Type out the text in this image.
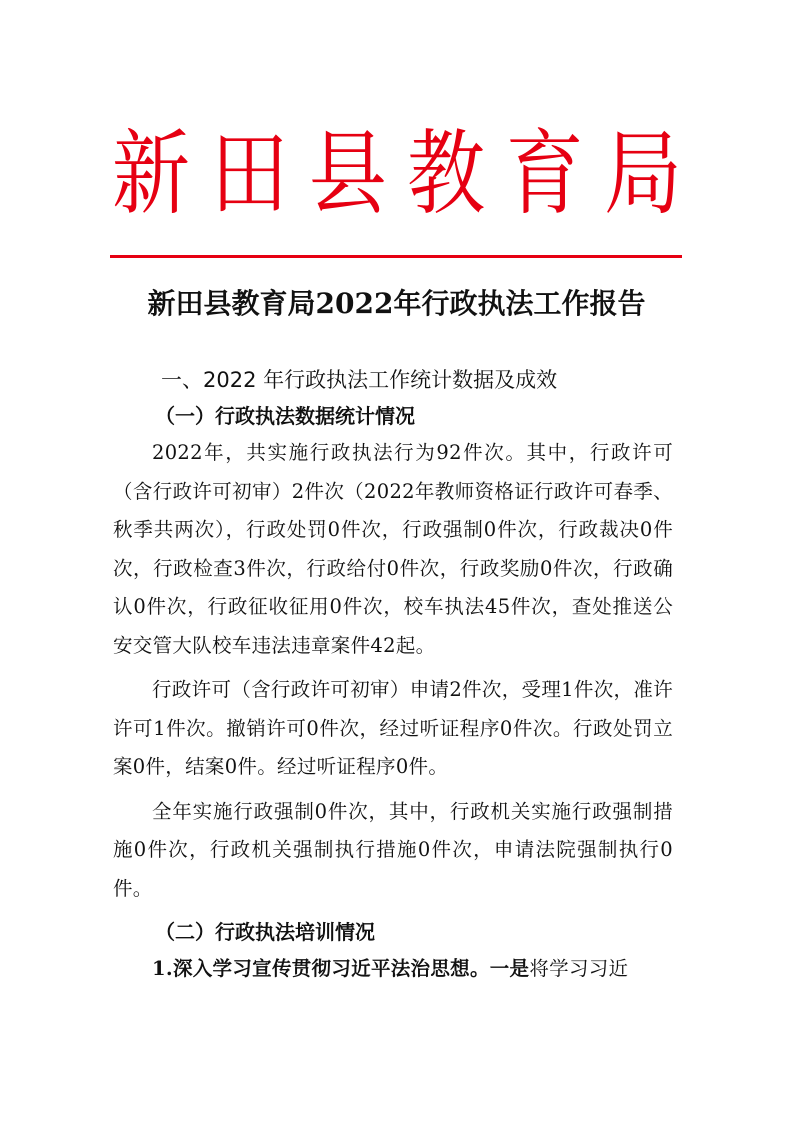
新 田 县 教 育 局
新田县教育局2022年行政执法工作报告
一、2022 年行政执法工作统计数据及成效
（一）行政执法数据统计情况

2022年，共实施行政执法行为92件次。其中，行政许可（含行政许可初审）2件次（2022年教师资格证行政许可春季、秋季共两次），行政处罚0件次，行政强制0件次，行政裁决0件次，行政检查3件次，行政给付0件次，行政奖励0件次，行政确认0件次，行政征收征用0件次，校车执法45件次，查处推送公安交管大队校车违法违章案件42起。

行政许可（含行政许可初审）申请2件次，受理1件次，准许许可1件次。撤销许可0件次，经过听证程序0件次。行政处罚立案0件，结案0件。经过听证程序0件。

全年实施行政强制0件次，其中，行政机关实施行政强制措施0件次，行政机关强制执行措施0件次，申请法院强制执行0件。

（二）行政执法培训情况

1.深入学习宣传贯彻习近平法治思想。一是将学习习近
